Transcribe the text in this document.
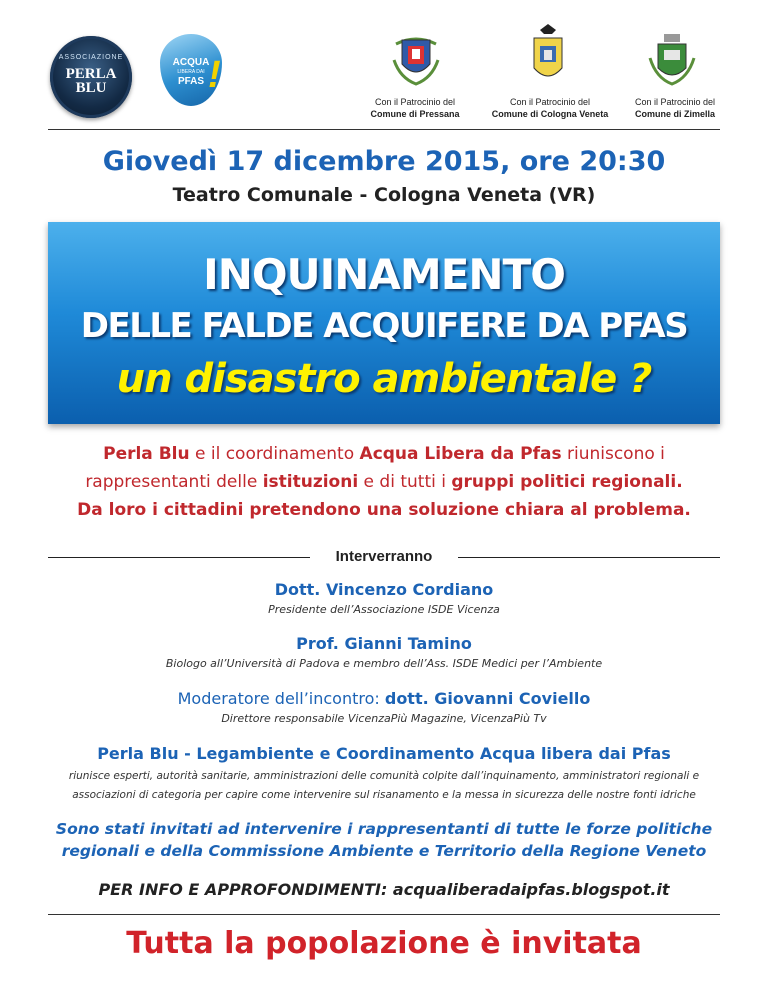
ASSOCIAZIONE
PERLA BLU
ACQUA
LIBERA DAI
PFAS !
Con il Patrocinio del
Comune di Pressana
Con il Patrocinio del
Comune di Cologna Veneta
Con il Patrocinio del
Comune di Zimella
Giovedì 17 dicembre 2015, ore 20:30
Teatro Comunale - Cologna Veneta (VR)
INQUINAMENTO
DELLE FALDE ACQUIFERE DA PFAS
un disastro ambientale ?
Perla Blu e il coordinamento Acqua Libera da Pfas riuniscono i
rappresentanti delle istituzioni e di tutti i gruppi politici regionali.
Da loro i cittadini pretendono una soluzione chiara al problema.
Interverranno
Dott. Vincenzo Cordiano
Presidente dell’Associazione ISDE Vicenza
Prof. Gianni Tamino
Biologo all’Università di Padova e membro dell’Ass. ISDE Medici per l’Ambiente
Moderatore dell’incontro: dott. Giovanni Coviello
Direttore responsabile VicenzaPiù Magazine, VicenzaPiù Tv
Perla Blu - Legambiente e Coordinamento Acqua libera dai Pfas
riunisce esperti, autorità sanitarie, amministrazioni delle comunità colpite dall’inquinamento, amministratori regionali e
associazioni di categoria per capire come intervenire sul risanamento e la messa in sicurezza delle nostre fonti idriche
Sono stati invitati ad intervenire i rappresentanti di tutte le forze politiche
regionali e della Commissione Ambiente e Territorio della Regione Veneto
PER INFO E APPROFONDIMENTI: acqualiberadaipfas.blogspot.it
Tutta la popolazione è invitata
